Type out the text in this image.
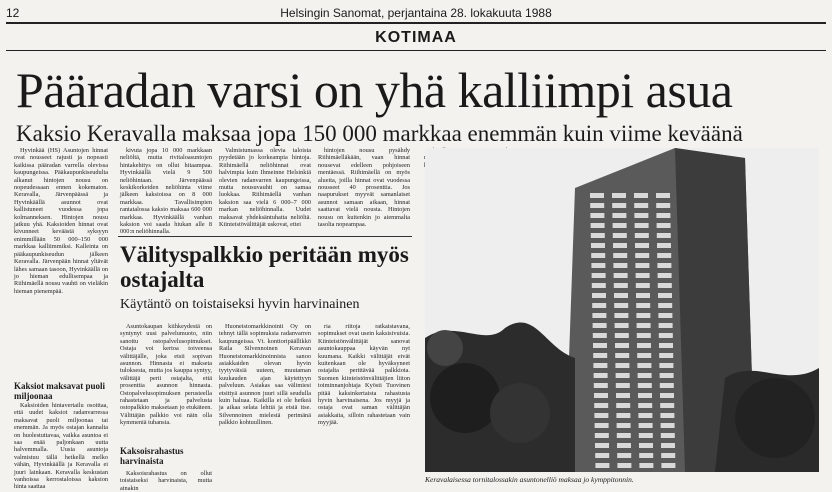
12	Helsingin Sanomat, perjantaina 28. lokakuuta 1988
KOTIMAA
Pääradan varsi on yhä kalliimpi asua
Kaksio Keravalla maksaa jopa 150 000 markkaa enemmän kuin viime keväänä

Hyvinkää (HS) Asuntojen hinnat ovat nousseet rajusti ja nopeasti kaikissa pääradan varrella olevissa kaupungeissa. Pääkaupunkiseudulta alkanut hintojen nousu on nopeudessaan ennen kokematon. Keravalla, Järvenpäässä ja Hyvinkäällä asunnot ovat kallistuneet vuodessa jopa kolmanneksen. Hintojen nousu jatkuu yhä. Kaksioiden hinnat ovat kivunneet keväästä syksyyn enimmillään 50 000–150 000 markkaa kalliimmiksi. Kalleinta on pääkaupunkiseudun jälkeen Keravalla. Järvenpään hinnat yltävät lähes samaan tasoon, Hyvinkäällä on jo hieman edullisempaa ja Riihimäellä nousu vauhti on vieläkin hieman pienempää.

kivuta jopa 10 000 markkaan neliöltä, mutta rivitaloasuntojen hintakehitys on ollut hitaampaa. Hyvinkäällä vielä 9 500 neliöhintaan. Järvenpäässä keskikorkeiden neliöhinta viime jälkeen kaksioissa on 8 000 markkaa. Tavallisimpien rantatalossa kaksio maksaa 600 000 markkaa. Hyvinkäällä vanhan kaksion voi saada hiukan alle 8 000:n neliöhinnalla.

Valmistumassa olevia taloista pyydetään jo korkeampia hintoja. Riihimäellä neliöhinnat ovat halvimpia kuin Ihmeinne Helsinkiä olevien radanvarren kaupungeissa, mutta nousuvauhti on samaa luokkaa. Riihimäellä vanhan kaksion saa vielä 6 000–7 000 markan neliöhinnalla. Uudet maksavat yhdeksäntuhatta neliöltä. Kiinteistövälittäjät uskovat, ettei

hintojen nousu pysähdy Riihimäelläkään, vaan hinnat nousevat edelleen pohjoiseen mentäessä. Riihimäellä on myös alueita, joilla hinnat ovat vuodessa nousseet 40 prosenttia. Jos naapurukset myyvät samanlaiset asunnot samaan aikaan, hinnat saattavat vielä nousta. Hintojen nousu on kuitenkin jo aiemmalta tasolta nopeampaa.

Kaksiot maksavat puoli miljoonaa

Kaksioiden hintavertailu osoittaa, että uudet kaksiot radanvarressa maksavat puoli miljoonaa tai enemmän. Ja myös ostajan kannalta on huolestuttavaa, vaikka asuntoa ei saa enää paljonkaan uutta halvemmalla. Uusia asuntoja valmistuu tällä hetkellä melko vähän, Hyvinkäällä ja Keravalla ei juuri lainkaan. Keravalla keskustan vanhoissa kerrostaloissa kaksion hinta saattaa

Välityspalkkio peritään myös ostajalta
Käytäntö on toistaiseksi hyvin harvinainen

Asuntokaupan kiihkeydestä on syntynyt uusi palvelumuoto, niin sanottu ostopalvelusopimukset. Ostaja voi kertoa toiveensa välittäjälle, joka etsii sopivan asunnon. Hinnasta ei makseta tuloksesta, mutta jos kauppa syntyy, välittäjä perii ostajalta, että prosenttia asunnon hinnasta. Ostopalvelusopimuksen perusteella rahastetaan ja palvelusta ostopalkkio maksetaan jo etukäteen. Välittäjän palkkio voi näin olla kymmeniä tuhansia.

Kaksoisrahastus harvinaista

Kaksoisrahastus on ollut toistaiseksi harvinaista, mutta ainakin

Huoneistomarkkinointi Oy on tehnyt tällä sopimuksia radanvarren kaupungeissa. Vt. konttoripäällikkö Raila Silvennoinen Keravan Huoneistomarkkinoinnista sanoo asiakkaiden olevan hyvin tyytyväisiä uuteen, muutaman kuukauden ajan käytettyyn palveluun. Asiakas saa välimiesi etsittyä asunnon juuri sillä seudulla kuin haluaa. Kaikilla ei ole hetkeä ja aikaa selata lehtiä ja etsiä itse. Silvennoinen mielestä perimänä palkkio kohtuullinen.

ria riitoja ratkaistavana, sopimukset ovat usein kaksisivuisia. Kiinteistönvälittäjät sanovat asuntokauppaa käyvän nyt kuumana. Kaikki välittäjät eivät kuitenkaan ole hyväksyneet ostajalta perittävää palkkiota. Suomen kiinteistönvälittäjien liiton toiminnanjohtaja Kyösti Tuovinen pitää kaksinkertaista rahastusta hyvin harvinaisena. Jos myyjä ja ostaja ovat saman välittäjän asiakkaita, silloin rahastetaan vain myyjää.

Keravalaisessa tornitalossakin asuntonelliö maksaa jo kymppitonnin.
